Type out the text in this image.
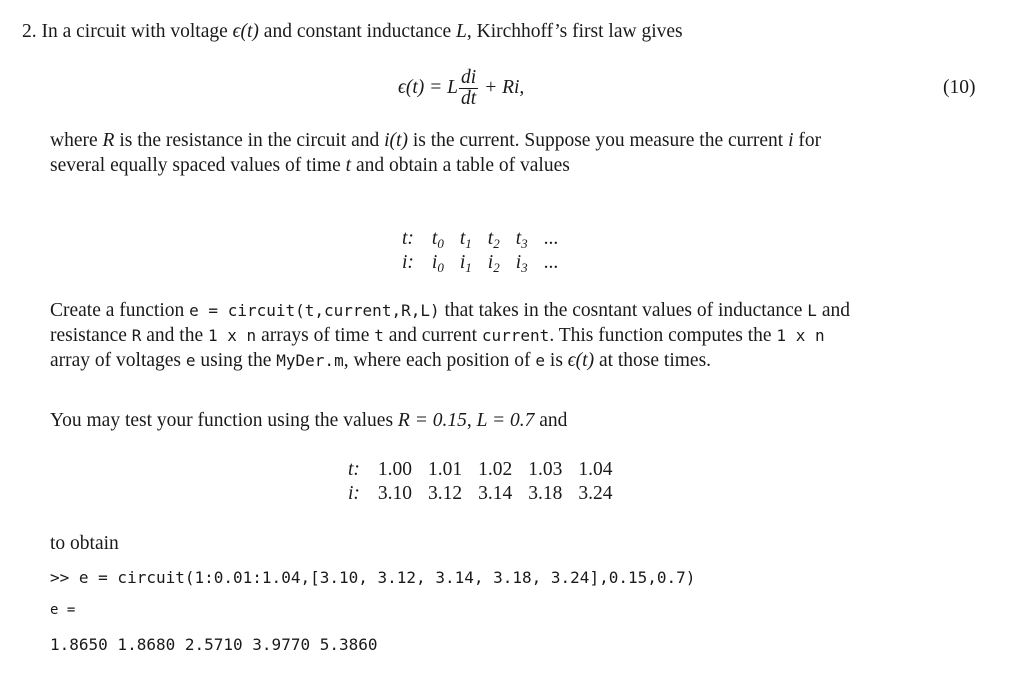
2. In a circuit with voltage ϵ(t) and constant inductance L, Kirchhoff’s first law gives
ϵ(t) = L $\frac{di}{dt} + Ri$,	(10)
where R is the resistance in the circuit and i(t) is the current. Suppose you measure the current i for
several equally spaced values of time t and obtain a table of values
t:	$t_0$	$t_1$	$t_2$	$t_3$	...
i:	$i_0$	$i_1$	$i_2$	$i_3$	...
Create a function e = circuit(t,current,R,L) that takes in the cosntant values of inductance L and
resistance R and the 1 x n arrays of time t and current current. This function computes the 1 x n
array of voltages e using the MyDer.m, where each position of e is ϵ(t) at those times.
You may test your function using the values R = 0.15, L = 0.7 and
t:	1.00	1.01	1.02	1.03	1.04
i:	3.10	3.12	3.14	3.18	3.24
to obtain
>> e = circuit(1:0.01:1.04,[3.10, 3.12, 3.14, 3.18, 3.24],0.15,0.7)
e =
1.8650 1.8680 2.5710 3.9770 5.3860
